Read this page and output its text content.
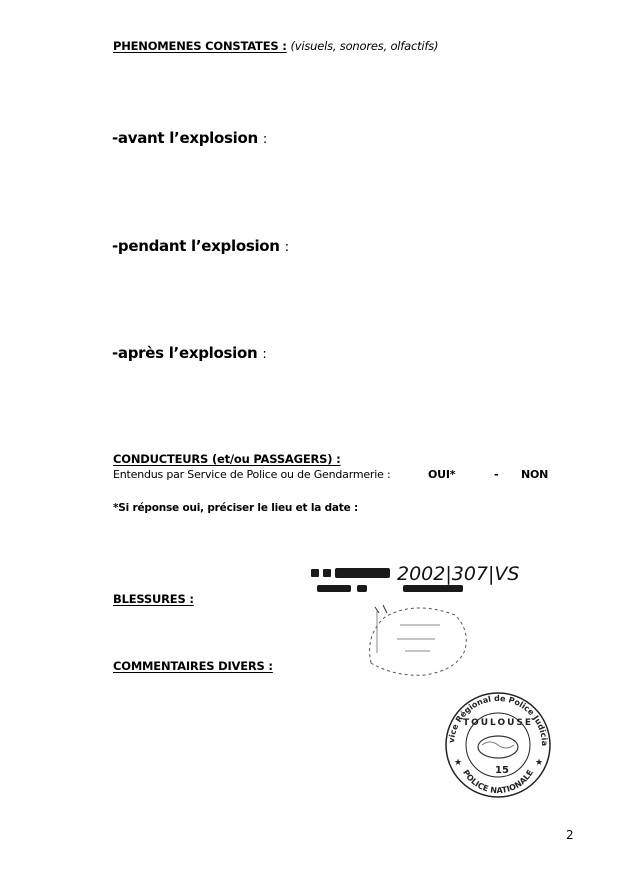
PHENOMENES CONSTATES : (visuels, sonores, olfactifs)
-avant l’explosion :
-pendant l’explosion :
-après l’explosion :
CONDUCTEURS (et/ou PASSAGERS) :
Entendus par Service de Police ou de Gendarmerie :	OUI*	- NON
*Si réponse oui, préciser le lieu et la date :
BLESSURES :
COMMENTAIRES DIVERS :
2002|307|VS
vice Régional de Police Judicia
POLICE NATIONALE
TOULOUSE
15
★	★
2
